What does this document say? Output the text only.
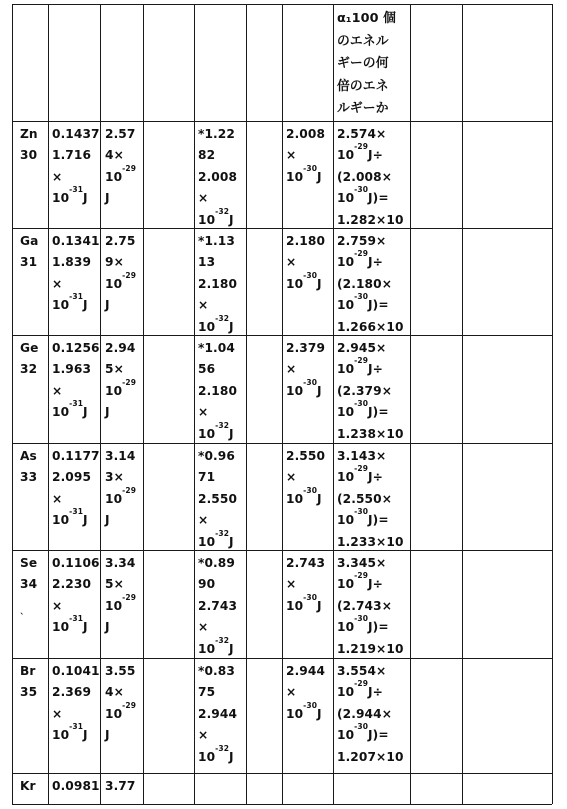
α₁100 個
のエネル
ギーの何
倍のエネ
ルギーか
Zn
30
0.1437
1.716
×
$10^{-31}J$
2.57
4×
$10^{-29}$
J
*1.22
82
2.008
×
$10^{-32}J$
2.008
×
$10^{-30}J$
2.574×
$10^{-29}J\div$
(2.008×
$10^{-30}J)=$
1.282×10
Ga
31
0.1341
1.839
×
$10^{-31}J$
2.75
9×
$10^{-29}$
J
*1.13
13
2.180
×
$10^{-32}J$
2.180
×
$10^{-30}J$
2.759×
$10^{-29}J\div$
(2.180×
$10^{-30}J)=$
1.266×10
Ge
32
0.1256
1.963
×
$10^{-31}J$
2.94
5×
$10^{-29}$
J
*1.04
56
2.180
×
$10^{-32}J$
2.379
×
$10^{-30}J$
2.945×
$10^{-29}J\div$
(2.379×
$10^{-30}J)=$
1.238×10
As
33
0.1177
2.095
×
$10^{-31}J$
3.14
3×
$10^{-29}$
J
*0.96
71
2.550
×
$10^{-32}J$
2.550
×
$10^{-30}J$
3.143×
$10^{-29}J\div$
(2.550×
$10^{-30}J)=$
1.233×10
Se
34
0.1106
2.230
×
$10^{-31}J$
3.34
5×
$10^{-29}$
J
*0.89
90
2.743
×
$10^{-32}J$
2.743
×
$10^{-30}J$
3.345×
$10^{-29}J\div$
(2.743×
$10^{-30}J)=$
1.219×10
Br
35
0.1041
2.369
×
$10^{-31}J$
3.55
4×
$10^{-29}$
J
*0.83
75
2.944
×
$10^{-32}J$
2.944
×
$10^{-30}J$
3.554×
$10^{-29}J\div$
(2.944×
$10^{-30}J)=$
1.207×10
Kr 0.0981 3.77
`
